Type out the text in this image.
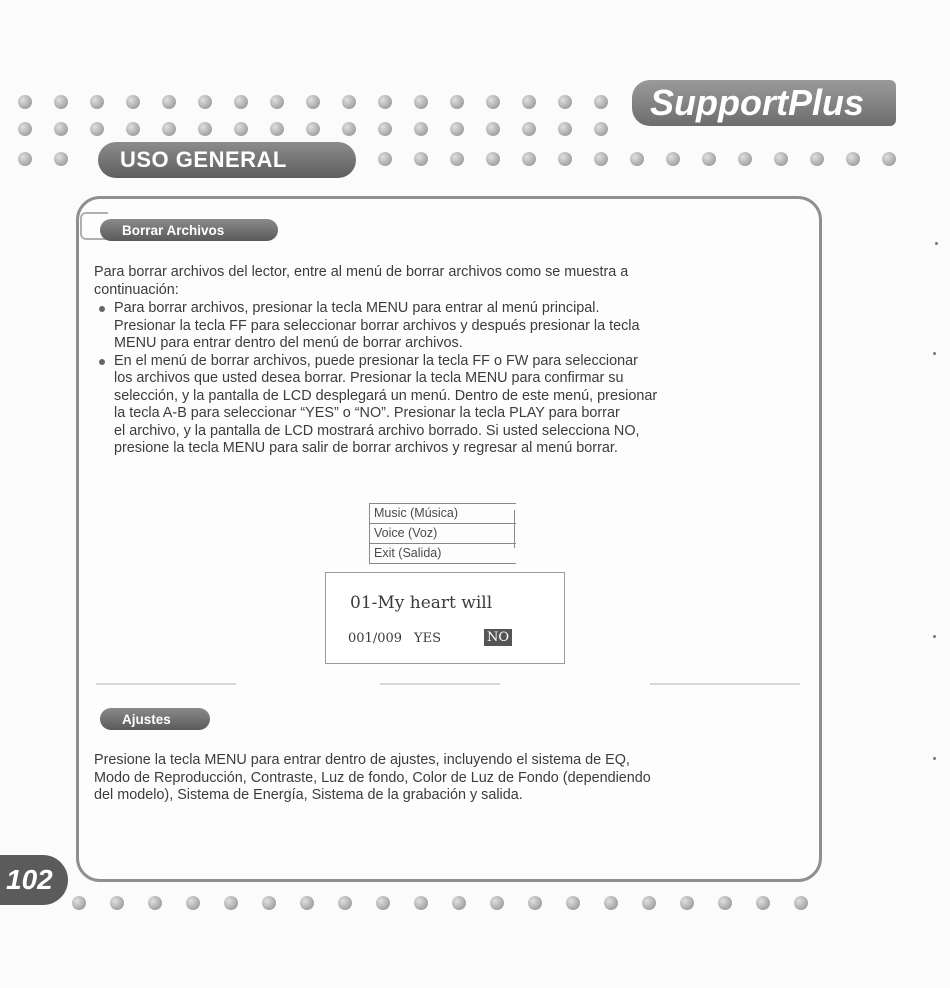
SupportPlus
USO GENERAL
Borrar Archivos
Para borrar archivos del lector, entre al menú de borrar archivos como se muestra a
continuación:
Para borrar archivos, presionar la tecla MENU para entrar al menú principal.
Presionar la tecla FF para seleccionar borrar archivos y después presionar la tecla
MENU para entrar dentro del menú de borrar archivos.
En el menú de borrar archivos, puede presionar la tecla FF o FW para seleccionar
los archivos que usted desea borrar. Presionar la tecla MENU para confirmar su
selección, y la pantalla de LCD desplegará un menú. Dentro de este menú, presionar
la tecla A-B para seleccionar “YES” o “NO”. Presionar la tecla PLAY para borrar
el archivo, y la pantalla de LCD mostrará archivo borrado. Si usted selecciona NO,
presione la tecla MENU para salir de borrar archivos y regresar al menú borrar.
Music (Música)
Voice (Voz)
Exit (Salida)
01-My heart will
001/009 YES	NO
Ajustes
Presione la tecla MENU para entrar dentro de ajustes, incluyendo el sistema de EQ,
Modo de Reproducción, Contraste, Luz de fondo, Color de Luz de Fondo (dependiendo
del modelo), Sistema de Energía, Sistema de la grabación y salida.
102
